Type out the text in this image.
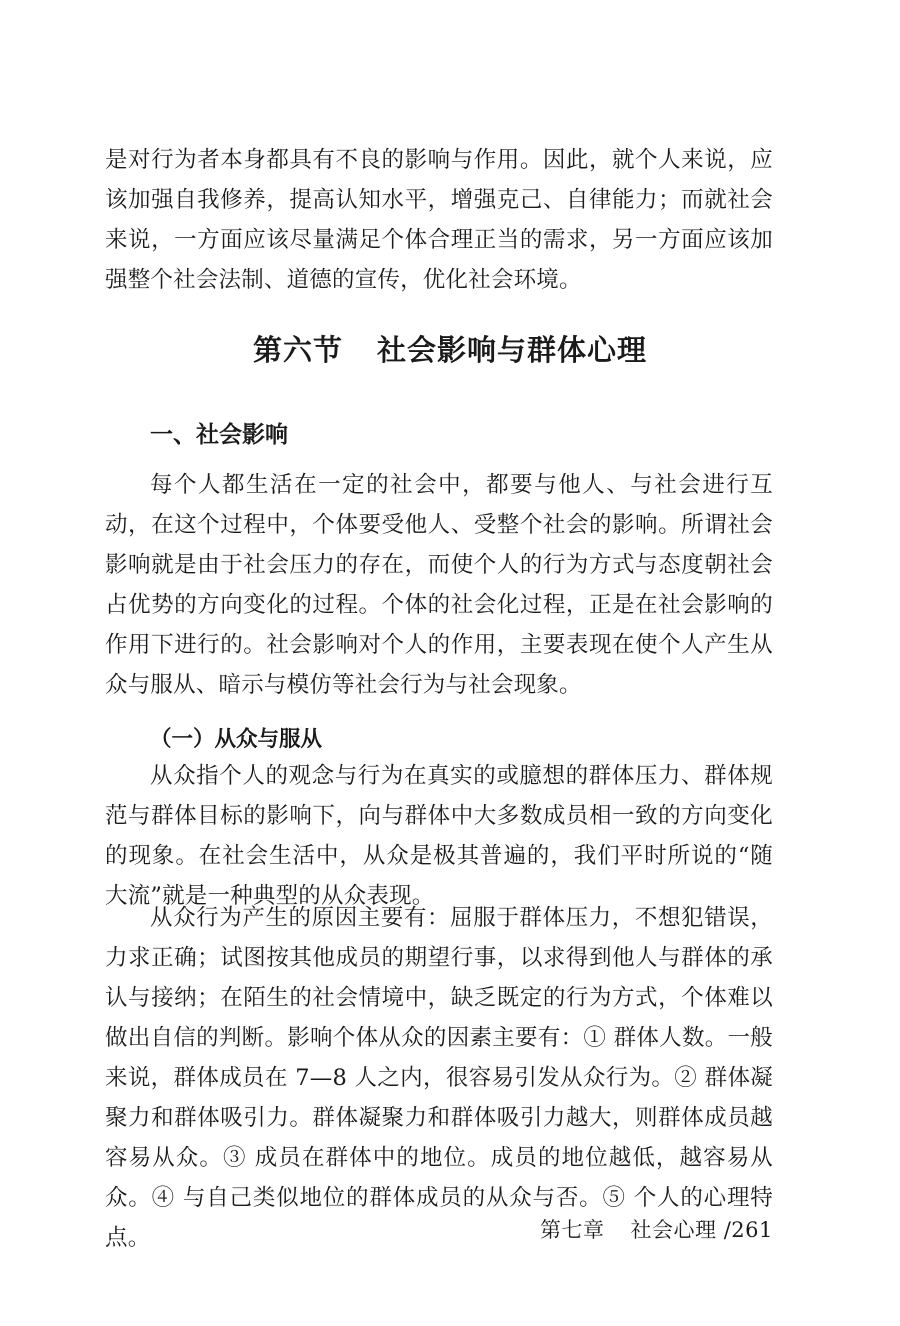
是对行为者本身都具有不良的影响与作用。因此，就个人来说，应该加强自我修养，提高认知水平，增强克己、自律能力；而就社会来说，一方面应该尽量满足个体合理正当的需求，另一方面应该加强整个社会法制、道德的宣传，优化社会环境。

第六节 社会影响与群体心理
一、社会影响

每个人都生活在一定的社会中，都要与他人、与社会进行互动，在这个过程中，个体要受他人、受整个社会的影响。所谓社会影响就是由于社会压力的存在，而使个人的行为方式与态度朝社会占优势的方向变化的过程。个体的社会化过程，正是在社会影响的作用下进行的。社会影响对个人的作用，主要表现在使个人产生从众与服从、暗示与模仿等社会行为与社会现象。

（一）从众与服从

从众指个人的观念与行为在真实的或臆想的群体压力、群体规范与群体目标的影响下，向与群体中大多数成员相一致的方向变化的现象。在社会生活中，从众是极其普遍的，我们平时所说的“随大流”就是一种典型的从众表现。

从众行为产生的原因主要有：屈服于群体压力，不想犯错误，力求正确；试图按其他成员的期望行事，以求得到他人与群体的承认与接纳；在陌生的社会情境中，缺乏既定的行为方式，个体难以做出自信的判断。影响个体从众的因素主要有：① 群体人数。一般来说，群体成员在 7—8 人之内，很容易引发从众行为。② 群体凝聚力和群体吸引力。群体凝聚力和群体吸引力越大，则群体成员越容易从众。③ 成员在群体中的地位。成员的地位越低，越容易从众。④ 与自己类似地位的群体成员的从众与否。⑤ 个人的心理特点。	第七章 社会心理 /261
